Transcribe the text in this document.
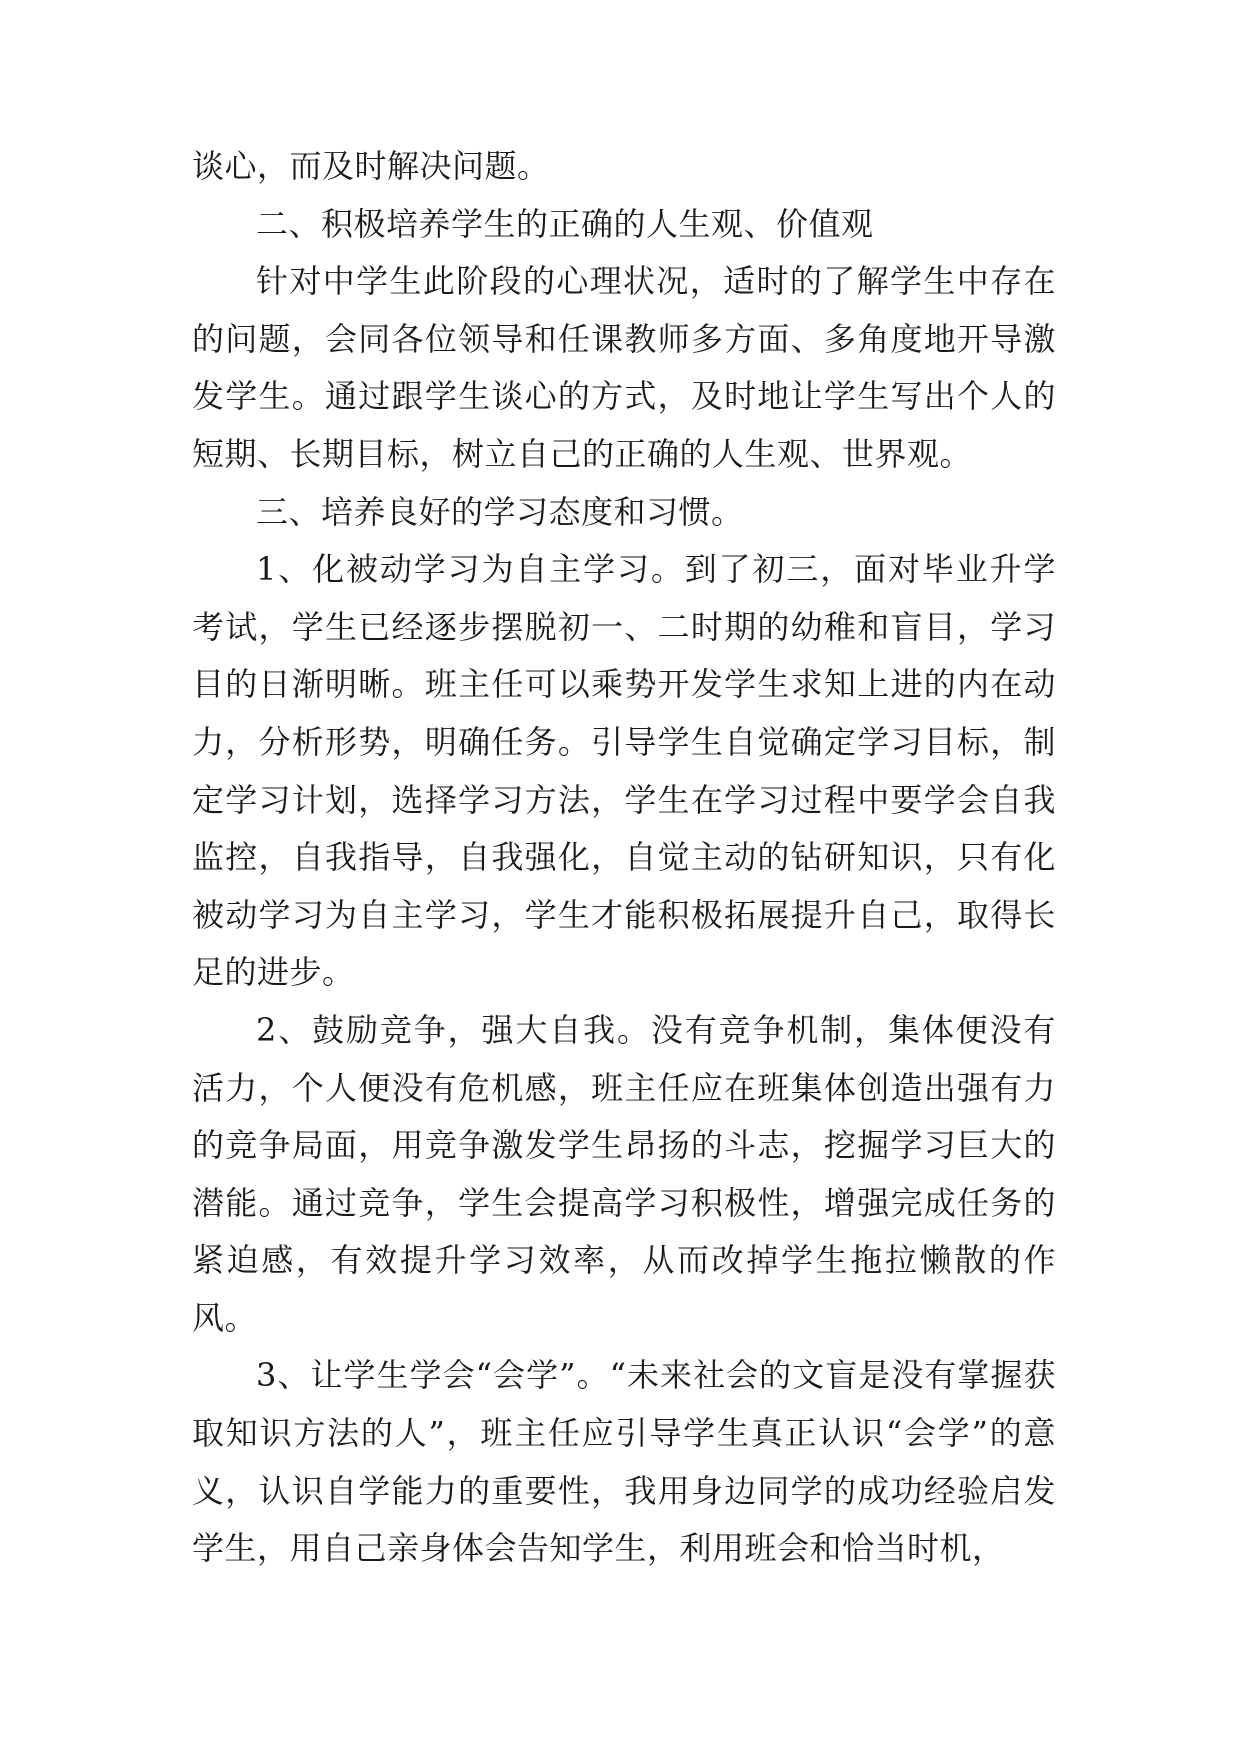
谈心，而及时解决问题。

二、积极培养学生的正确的人生观、价值观

针对中学生此阶段的心理状况，适时的了解学生中存在的问题，会同各位领导和任课教师多方面、多角度地开导激发学生。通过跟学生谈心的方式，及时地让学生写出个人的短期、长期目标，树立自己的正确的人生观、世界观。

三、培养良好的学习态度和习惯。

1、化被动学习为自主学习。到了初三，面对毕业升学考试，学生已经逐步摆脱初一、二时期的幼稚和盲目，学习目的日渐明晰。班主任可以乘势开发学生求知上进的内在动力，分析形势，明确任务。引导学生自觉确定学习目标，制定学习计划，选择学习方法，学生在学习过程中要学会自我监控，自我指导，自我强化，自觉主动的钻研知识，只有化被动学习为自主学习，学生才能积极拓展提升自己，取得长足的进步。

2、鼓励竞争，强大自我。没有竞争机制，集体便没有活力，个人便没有危机感，班主任应在班集体创造出强有力的竞争局面，用竞争激发学生昂扬的斗志，挖掘学习巨大的潜能。通过竞争，学生会提高学习积极性，增强完成任务的紧迫感，有效提升学习效率，从而改掉学生拖拉懒散的作风。

3、让学生学会“会学”。“未来社会的文盲是没有掌握获取知识方法的人”，班主任应引导学生真正认识“会学”的意义，认识自学能力的重要性，我用身边同学的成功经验启发学生，用自己亲身体会告知学生，利用班会和恰当时机，
